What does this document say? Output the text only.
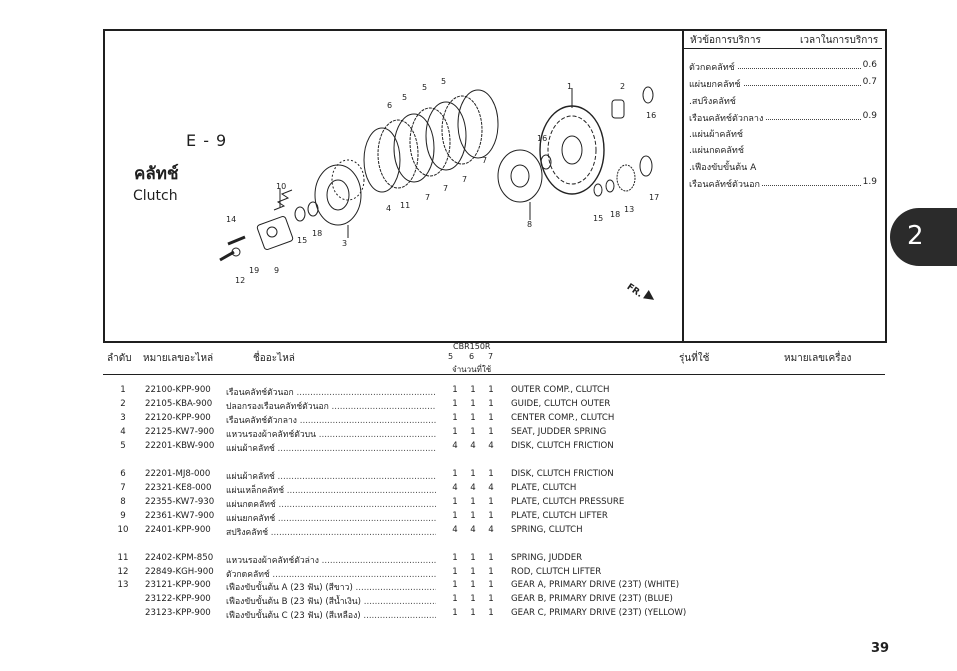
E - 9
คลัทช์
Clutch
1	2
3
4
5
5
5
6
7
7
7
7
8
9
10
11
12
13
14
15
15
16
16
17
18
18
19
FR.
หัวข้อการบริการ	เวลาในการบริการ
ตัวกดคลัทช์	0.6
แผ่นยกคลัทช์	0.7
.สปริงคลัทช์
เรือนคลัทช์ตัวกลาง	0.9
.แผ่นผ้าคลัทช์
.แผ่นกดคลัทช์
.เฟืองขับขั้นต้น A
เรือนคลัทช์ตัวนอก	1.9
2
ลำดับ หมายเลขอะไหล่	ชื่ออะไหล่
CBR150R
5 6 7
จำนวนที่ใช้
รุ่นที่ใช้	หมายเลขเครื่อง
1	22100-KPP-900 เรือนคลัทช์ตัวนอก .....	1 1 1 OUTER COMP., CLUTCH
2	22105-KBA-900 ปลอกรองเรือนคลัทช์ตัวนอก .....	1 1 1 GUIDE, CLUTCH OUTER
3	22120-KPP-900 เรือนคลัทช์ตัวกลาง .....	1 1 1 CENTER COMP., CLUTCH
4	22125-KW7-900 แหวนรองผ้าคลัทช์ตัวบน .....	1 1 1 SEAT, JUDDER SPRING
5	22201-KBW-900 แผ่นผ้าคลัทช์ .....	4 4 4 DISK, CLUTCH FRICTION
6	22201-MJ8-000 แผ่นผ้าคลัทช์ .....	1 1 1 DISK, CLUTCH FRICTION
7	22321-KE8-000 แผ่นเหล็กคลัทช์ .....	4 4 4 PLATE, CLUTCH
8	22355-KW7-930 แผ่นกดคลัทช์ .....	1 1 1 PLATE, CLUTCH PRESSURE
9	22361-KW7-900 แผ่นยกคลัทช์ .....	1 1 1 PLATE, CLUTCH LIFTER
10 22401-KPP-900 สปริงคลัทช์ .....	4 4 4 SPRING, CLUTCH
11 22402-KPM-850 แหวนรองผ้าคลัทช์ตัวล่าง .....	1 1 1 SPRING, JUDDER
12 22849-KGH-900 ตัวกดคลัทช์ .....	1 1 1 ROD, CLUTCH LIFTER
13 23121-KPP-900 เฟืองขับขั้นต้น A (23 ฟัน) (สีขาว) .....	1 1 1 GEAR A, PRIMARY DRIVE (23T) (WHITE)
23122-KPP-900 เฟืองขับขั้นต้น B (23 ฟัน) (สีน้ำเงิน) .....	1 1 1 GEAR B, PRIMARY DRIVE (23T) (BLUE)
23123-KPP-900 เฟืองขับขั้นต้น C (23 ฟัน) (สีเหลือง) .....	1 1 1 GEAR C, PRIMARY DRIVE (23T) (YELLOW)
39
